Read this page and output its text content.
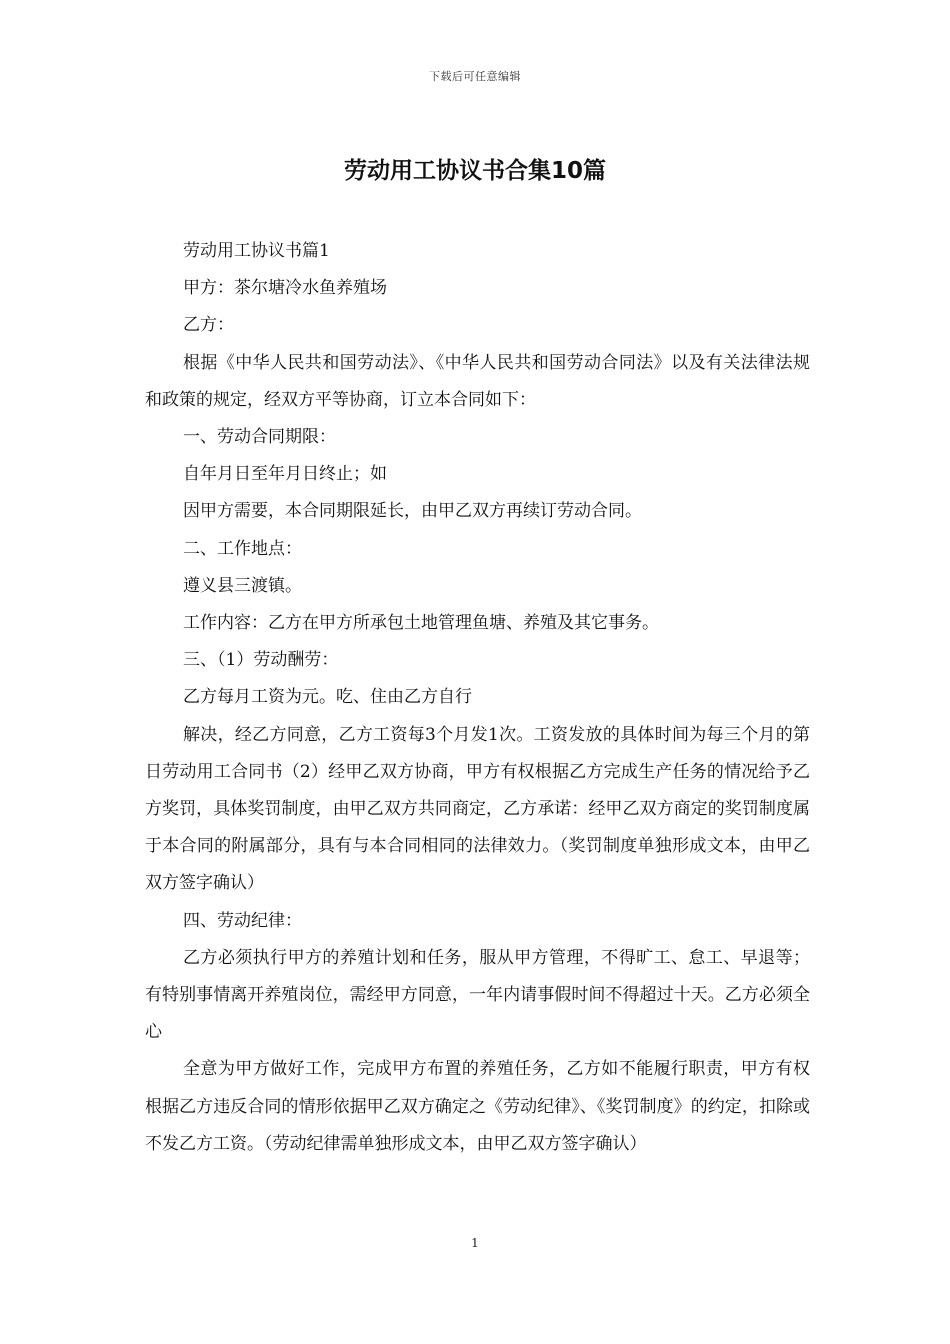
下载后可任意编辑
劳动用工协议书合集10篇

劳动用工协议书篇1

甲方：茶尔塘冷水鱼养殖场

乙方：

根据《中华人民共和国劳动法》、《中华人民共和国劳动合同法》以及有关法律法规和政策的规定，经双方平等协商，订立本合同如下：

一、劳动合同期限：

自年月日至年月日终止；如

因甲方需要，本合同期限延长，由甲乙双方再续订劳动合同。

二、工作地点：

遵义县三渡镇。

工作内容：乙方在甲方所承包土地管理鱼塘、养殖及其它事务。

三、（1）劳动酬劳：

乙方每月工资为元。吃、住由乙方自行

解决，经乙方同意，乙方工资每3个月发1次。工资发放的具体时间为每三个月的第日劳动用工合同书（2）经甲乙双方协商，甲方有权根据乙方完成生产任务的情况给予乙方奖罚，具体奖罚制度，由甲乙双方共同商定，乙方承诺：经甲乙双方商定的奖罚制度属于本合同的附属部分，具有与本合同相同的法律效力。（奖罚制度单独形成文本，由甲乙双方签字确认）

四、劳动纪律：

乙方必须执行甲方的养殖计划和任务，服从甲方管理，不得旷工、怠工、早退等；有特别事情离开养殖岗位，需经甲方同意，一年内请事假时间不得超过十天。乙方必须全心

全意为甲方做好工作，完成甲方布置的养殖任务，乙方如不能履行职责，甲方有权根据乙方违反合同的情形依据甲乙双方确定之《劳动纪律》、《奖罚制度》的约定，扣除或不发乙方工资。（劳动纪律需单独形成文本，由甲乙双方签字确认）

1
